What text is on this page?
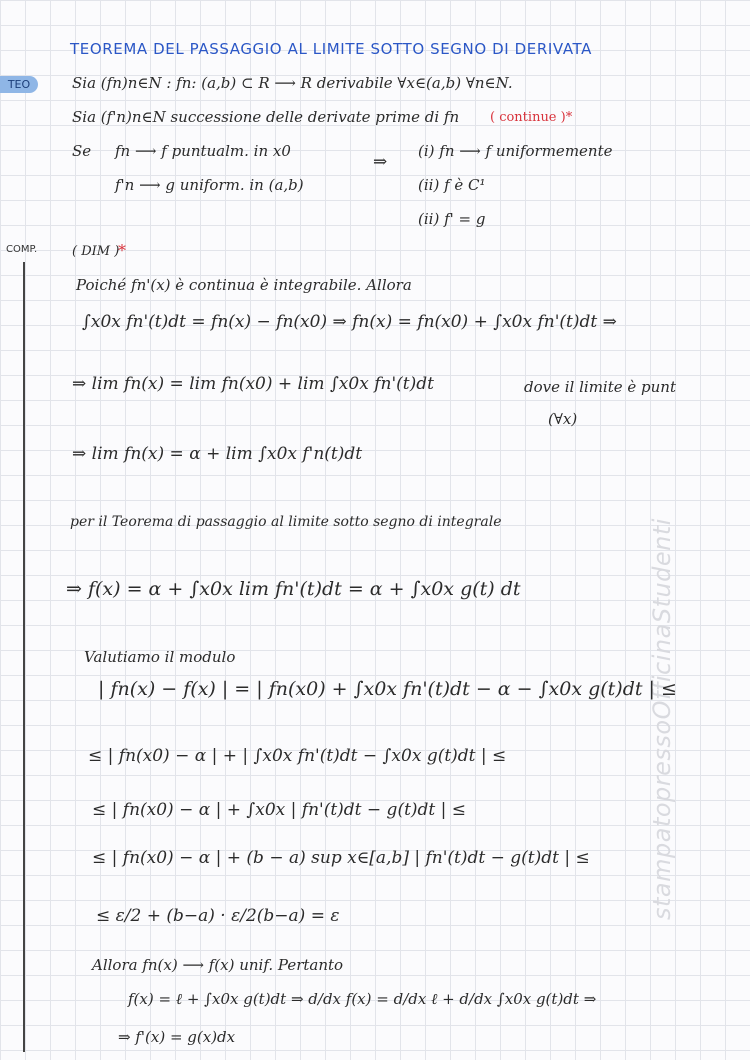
stampatopressoOfficinaStudenti
TEOREMA DEL PASSAGGIO AL LIMITE SOTTO SEGNO DI DERIVATA
TEO
COMP.
Sia (fn)n∈N : fn: (a,b) ⊂ R ⟶ R derivabile ∀x∈(a,b) ∀n∈N.
Sia (f'n)n∈N successione delle derivate prime di fn ( continue )*
Se fn ⟶ f puntualm. in x0
f'n ⟶ g uniform. in (a,b)
⇒
(i) fn ⟶ f uniformemente
(ii) f è C¹
(ii) f' = g
( DIM )
*
Poiché fn'(x) è continua è integrabile. Allora
∫x0x fn'(t)dt = fn(x) − fn(x0) ⇒ fn(x) = fn(x0) + ∫x0x fn'(t)dt ⇒
⇒ lim fn(x) = lim fn(x0) + lim ∫x0x fn'(t)dt	dove il limite è punt
(∀x)
⇒ lim fn(x) = α + lim ∫x0x f'n(t)dt
per il Teorema di passaggio al limite sotto segno di integrale
⇒ f(x) = α + ∫x0x lim fn'(t)dt = α + ∫x0x g(t) dt
Valutiamo il modulo
| fn(x) − f(x) | = | fn(x0) + ∫x0x fn'(t)dt − α − ∫x0x g(t)dt | ≤
≤ | fn(x0) − α | + | ∫x0x fn'(t)dt − ∫x0x g(t)dt | ≤
≤ | fn(x0) − α | + ∫x0x | fn'(t)dt − g(t)dt | ≤
≤ | fn(x0) − α | + (b − a) sup x∈[a,b] | fn'(t)dt − g(t)dt | ≤
≤ ε/2 + (b−a) · ε/2(b−a) = ε
Allora fn(x) ⟶ f(x) unif. Pertanto
f(x) = ℓ + ∫x0x g(t)dt ⇒ d/dx f(x) = d/dx ℓ + d/dx ∫x0x g(t)dt ⇒
⇒ f'(x) = g(x)dx
